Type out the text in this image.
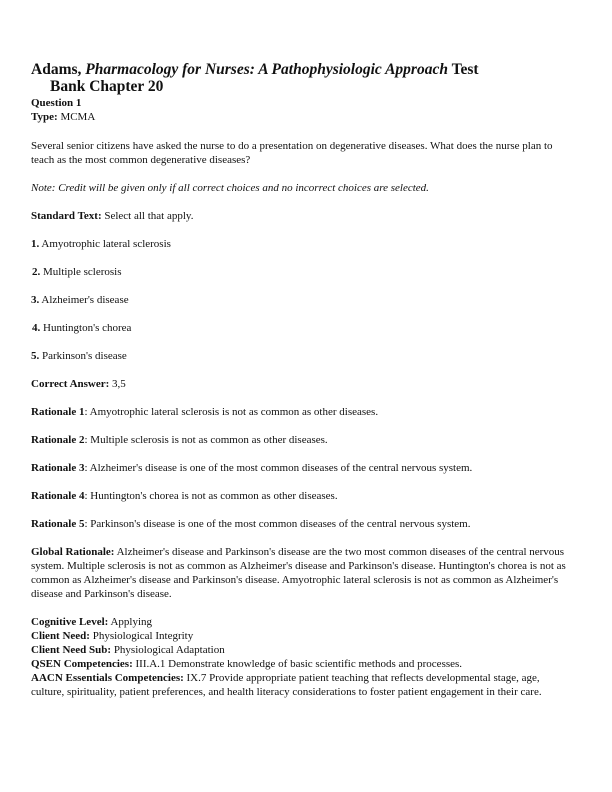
Adams, Pharmacology for Nurses: A Pathophysiologic Approach Test
Bank Chapter 20

Question 1

Type: MCMA

Several senior citizens have asked the nurse to do a presentation on degenerative diseases. What does the nurse plan to teach as the most common degenerative diseases?

Note: Credit will be given only if all correct choices and no incorrect choices are selected.

Standard Text: Select all that apply.

1. Amyotrophic lateral sclerosis

2. Multiple sclerosis

3. Alzheimer's disease

4. Huntington's chorea

5. Parkinson's disease

Correct Answer: 3,5

Rationale 1: Amyotrophic lateral sclerosis is not as common as other diseases.

Rationale 2: Multiple sclerosis is not as common as other diseases.

Rationale 3: Alzheimer's disease is one of the most common diseases of the central nervous system.

Rationale 4: Huntington's chorea is not as common as other diseases.

Rationale 5: Parkinson's disease is one of the most common diseases of the central nervous system.

Global Rationale: Alzheimer's disease and Parkinson's disease are the two most common diseases of the central nervous system. Multiple sclerosis is not as common as Alzheimer's disease and Parkinson's disease. Huntington's chorea is not as common as Alzheimer's disease and Parkinson's disease. Amyotrophic lateral sclerosis is not as common as Alzheimer's disease and Parkinson's disease.

Cognitive Level: Applying

Client Need: Physiological Integrity

Client Need Sub: Physiological Adaptation

QSEN Competencies: III.A.1 Demonstrate knowledge of basic scientific methods and processes.

AACN Essentials Competencies: IX.7 Provide appropriate patient teaching that reflects developmental stage, age, culture, spirituality, patient preferences, and health literacy considerations to foster patient engagement in their care.
